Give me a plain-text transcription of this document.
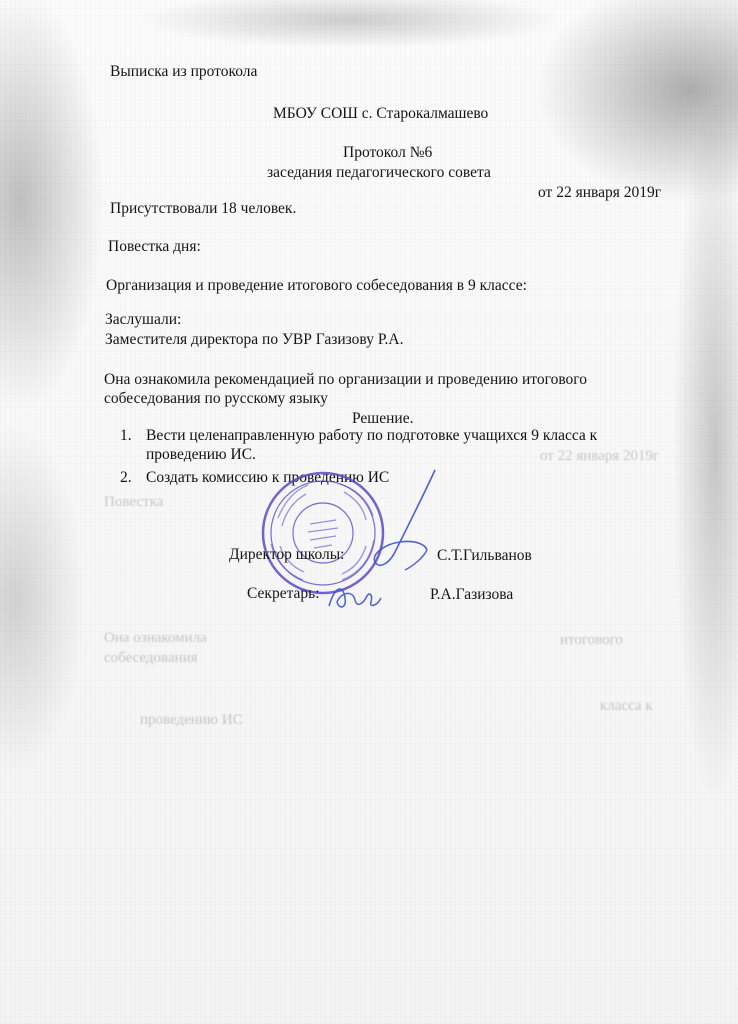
от 22 января 2019г
Повестка
Она ознакомила
собеседования
итогового
проведению ИС
класса к
Выписка из протокола
МБОУ СОШ с. Старокалмашево
Протокол №6
заседания педагогического совета
от 22 января 2019г
Присутствовали 18 человек.
Повестка дня:
Организация и проведение итогового собеседования в 9 классе:
Заслушали:
Заместителя директора по УВР Газизову Р.А.
Она ознакомила рекомендацией по организации и проведению итогового
собеседования по русскому языку
Решение.
1. Вести целенаправленную работу по подготовке учащихся 9 класса к
проведению ИС.
2. Создать комиссию к проведению ИС
Директор школы:	С.Т.Гильванов
Секретарь:	Р.А.Газизова
